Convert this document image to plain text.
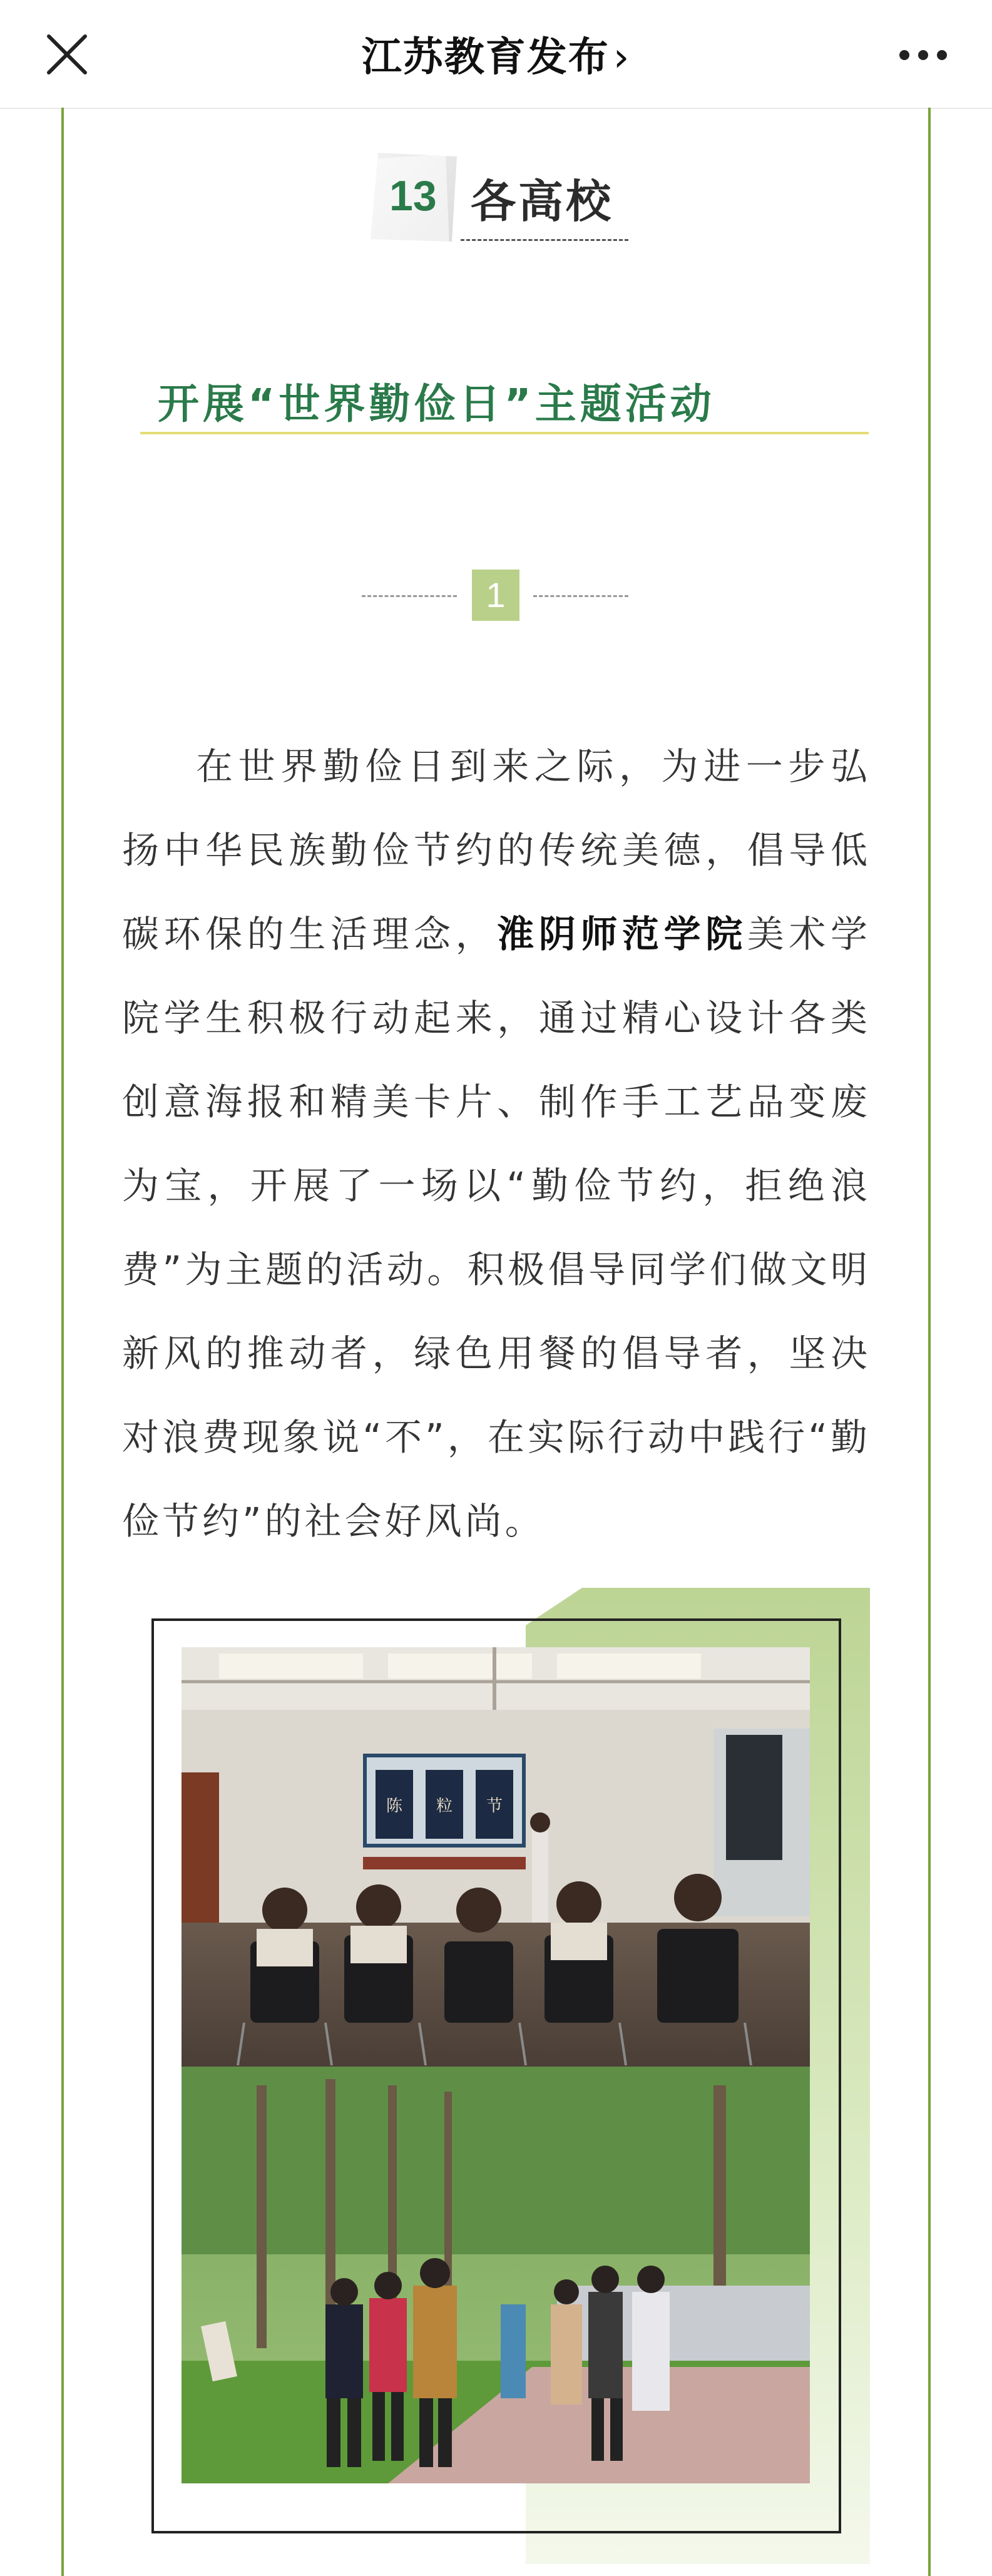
江苏教育发布›
13 各高校
开展“世界勤俭日”主题活动
1

在世界勤俭日到来之际，为进一步弘扬中华民族勤俭节约的传统美德，倡导低碳环保的生活理念，淮阴师范学院美术学院学生积极行动起来，通过精心设计各类创意海报和精美卡片、制作手工艺品变废为宝，开展了一场以“勤俭节约，拒绝浪费”为主题的活动。积极倡导同学们做文明新风的推动者，绿色用餐的倡导者，坚决对浪费现象说“不”，在实际行动中践行“勤俭节约”的社会好风尚。

陈 粒 节
